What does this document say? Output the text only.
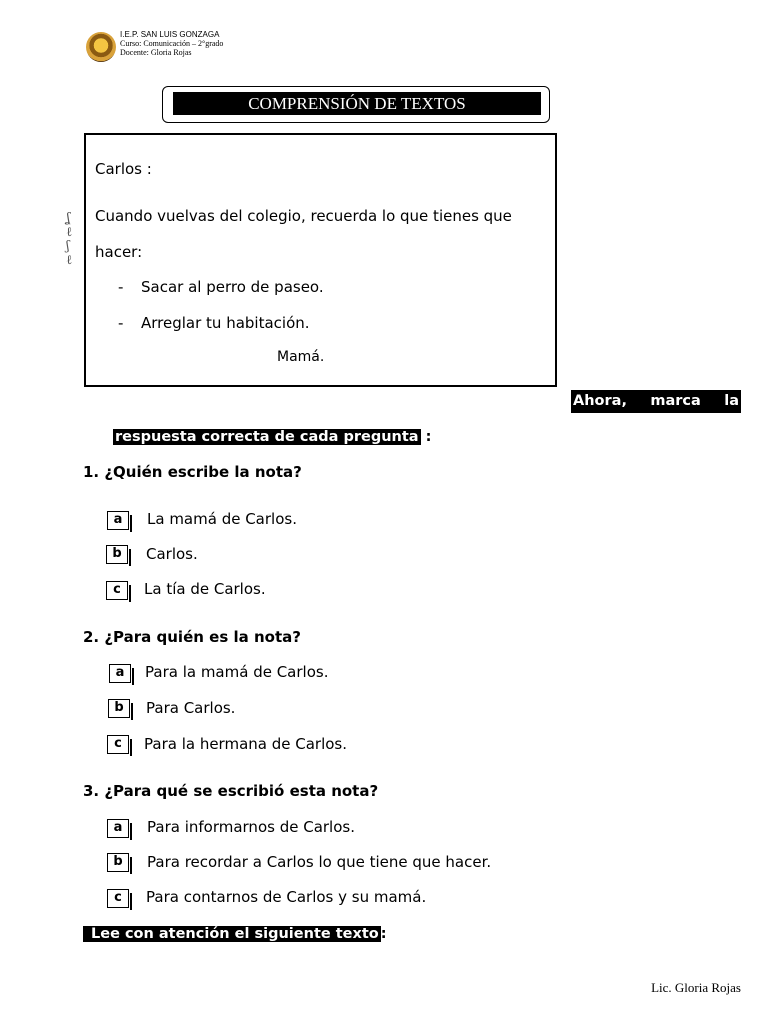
I.E.P. SAN LUIS GONZAGA
Curso: Comunicación – 2°grado
Docente: Gloria Rojas
COMPRENSIÓN DE TEXTOS
ʆ
ℓ
ʃ
ℓ
Carlos :
Cuando vuelvas del colegio, recuerda lo que tienes que
hacer:
- Sacar al perro de paseo.
- Arreglar tu habitación.
Mamá.
Ahora, marca la
respuesta correcta de cada pregunta :
1. ¿Quién escribe la nota?
a	La mamá de Carlos.
b	Carlos.
c	La tía de Carlos.
2. ¿Para quién es la nota?
a	Para la mamá de Carlos.
b	Para Carlos.
c	Para la hermana de Carlos.
3. ¿Para qué se escribió esta nota?
a	Para informarnos de Carlos.
b	Para recordar a Carlos lo que tiene que hacer.
c	Para contarnos de Carlos y su mamá.
Lee con atención el siguiente texto :
Lic. Gloria Rojas
